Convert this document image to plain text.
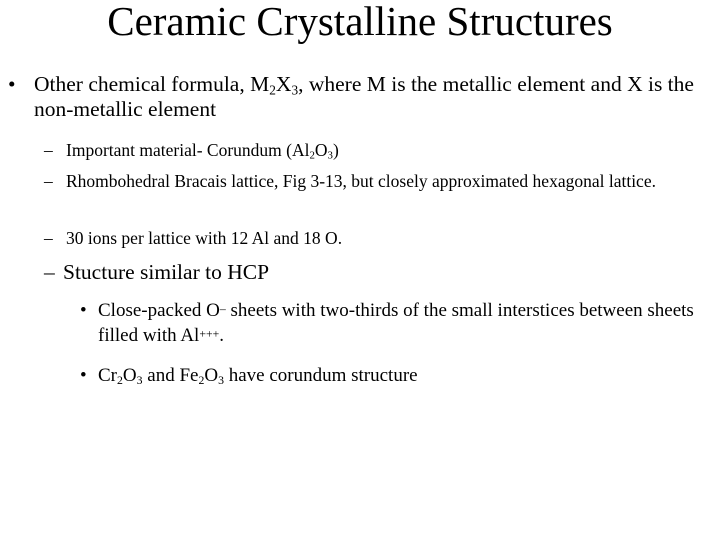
Ceramic Crystalline Structures
• Other chemical formula, $M_2X_3$, where M is the metallic element and X is the non-metallic element
– Important material- Corundum $(Al_2O_3)$
– Rhombohedral Bracais lattice, Fig 3-13, but closely approximated hexagonal lattice.
– 30 ions per lattice with 12 Al and 18 O.
– Stucture similar to HCP
• Close-packed O– sheets with two-thirds of the small interstices between sheets filled with Al+++.
• $Cr_2O_3$ and $Fe_2O_3$ have corundum structure
